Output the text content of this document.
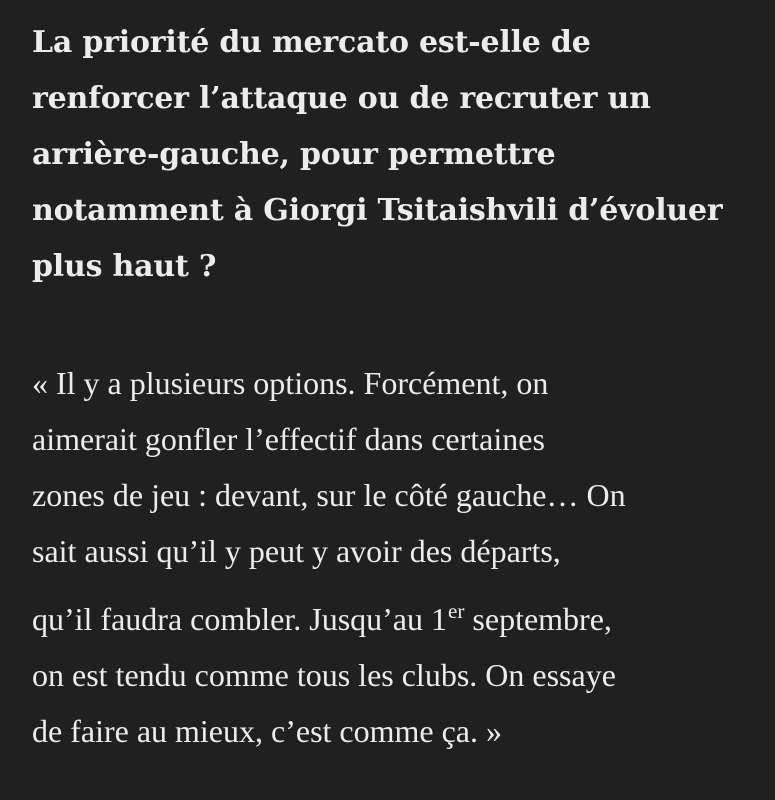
La priorité du mercato est-elle de
renforcer l’attaque ou de recruter un
arrière-gauche, pour permettre
notamment à Giorgi Tsitaishvili d’évoluer
plus haut ?
« Il y a plusieurs options. Forcément, on
aimerait gonfler l’effectif dans certaines
zones de jeu : devant, sur le côté gauche… On
sait aussi qu’il y peut y avoir des départs,
qu’il faudra combler. Jusqu’au 1er septembre,
on est tendu comme tous les clubs. On essaye
de faire au mieux, c’est comme ça. »
